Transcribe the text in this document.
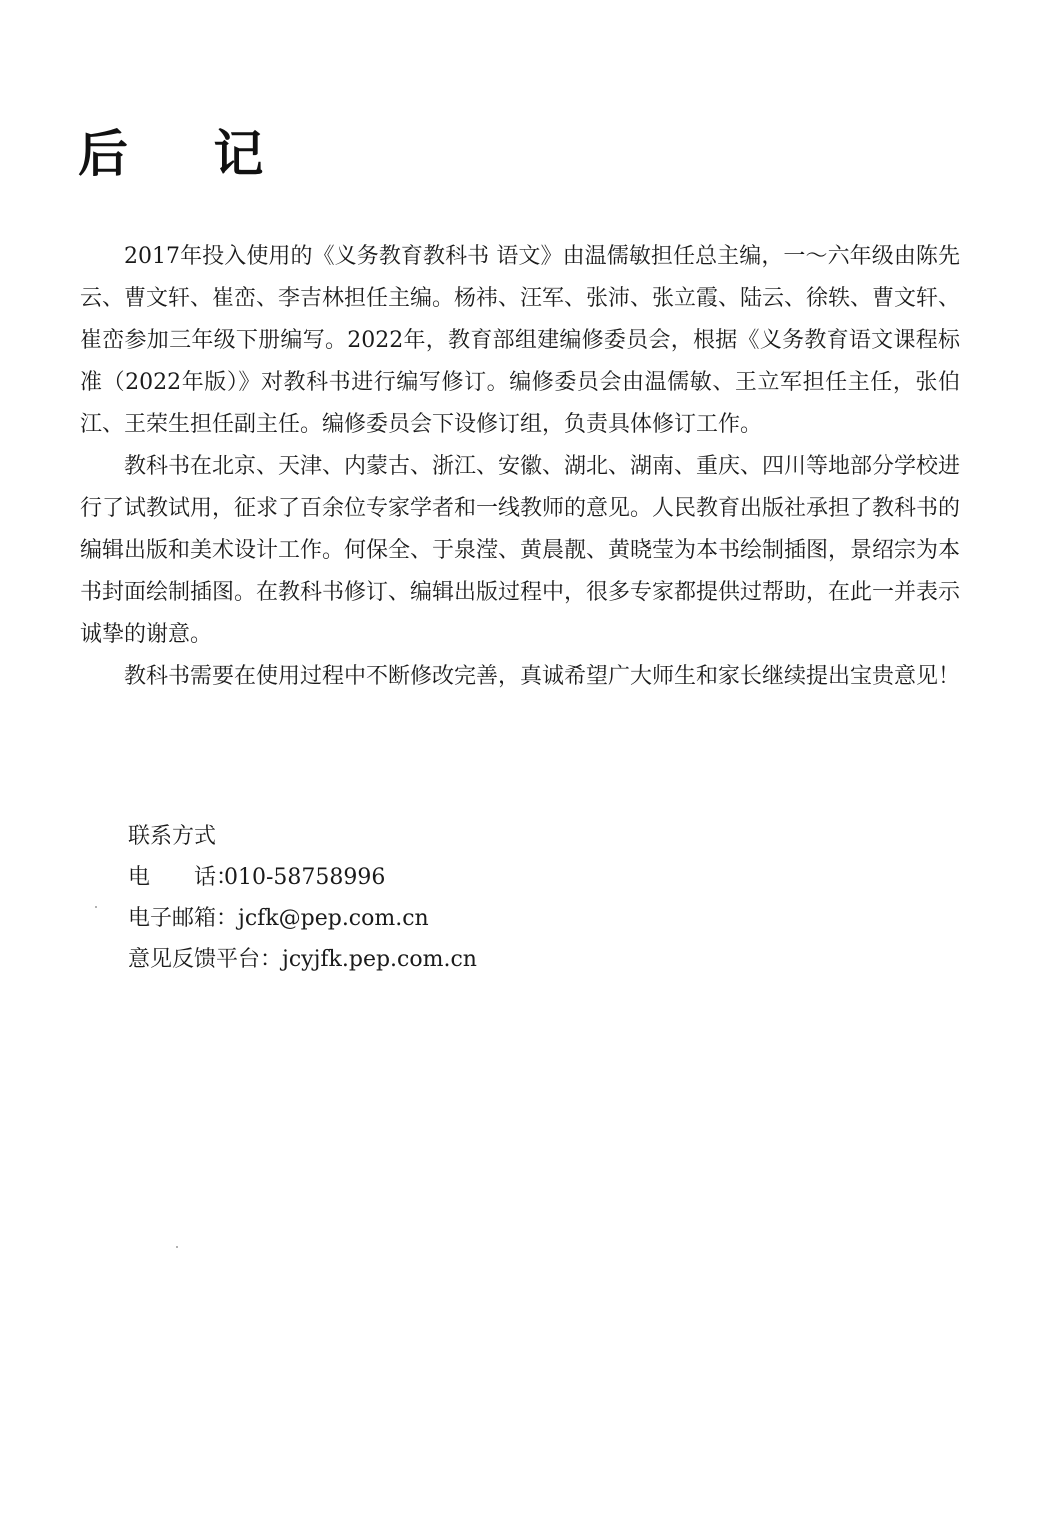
后 记

2017年投入使用的《义务教育教科书 语文》由温儒敏担任总主编，一～六年级由陈先云、曹文轩、崔峦、李吉林担任主编。杨祎、汪军、张沛、张立霞、陆云、徐轶、曹文轩、崔峦参加三年级下册编写。2022年，教育部组建编修委员会，根据《义务教育语文课程标准（2022年版）》对教科书进行编写修订。编修委员会由温儒敏、王立军担任主任，张伯江、王荣生担任副主任。编修委员会下设修订组，负责具体修订工作。

教科书在北京、天津、内蒙古、浙江、安徽、湖北、湖南、重庆、四川等地部分学校进行了试教试用，征求了百余位专家学者和一线教师的意见。人民教育出版社承担了教科书的编辑出版和美术设计工作。何保全、于泉滢、黄晨靓、黄晓莹为本书绘制插图，景绍宗为本书封面绘制插图。在教科书修订、编辑出版过程中，很多专家都提供过帮助，在此一并表示诚挚的谢意。

教科书需要在使用过程中不断修改完善，真诚希望广大师生和家长继续提出宝贵意见！

联系方式
电　　话：010-58758996
电子邮箱：jcfk@pep.com.cn
意见反馈平台：jcyjfk.pep.com.cn
